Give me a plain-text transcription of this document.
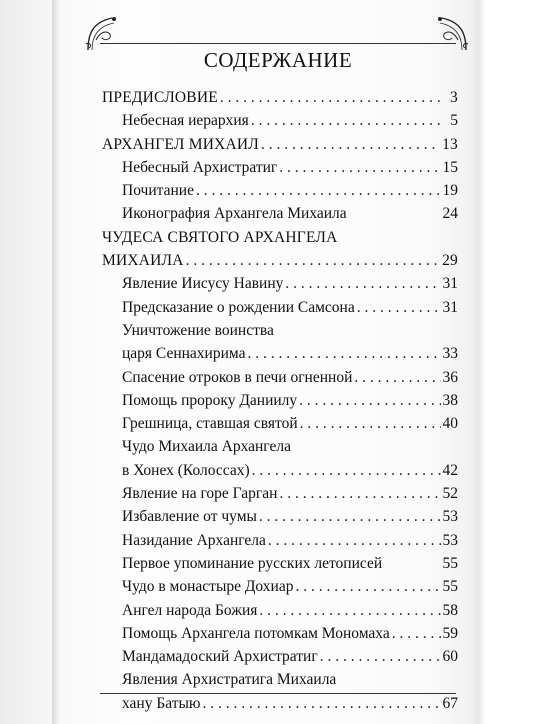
СОДЕРЖАНИЕ
ПРЕДИСЛОВИЕ . . .	3
Небесная иерархия . . .	5
АРХАНГЕЛ МИХАИЛ . . .	13
Небесный Архистратиг . . .	15
Почитание . . .	19
Иконография Архангела Михаила	24
ЧУДЕСА СВЯТОГО АРХАНГЕЛА
МИХАИЛА . . .	29
Явление Иисусу Навину . . .	31
Предсказание о рождении Самсона . . .	31
Уничтожение воинства
царя Сеннахирима . . .	33
Спасение отроков в печи огненной . . .	36
Помощь пророку Даниилу . . .	38
Грешница, ставшая святой . . .	40
Чудо Михаила Архангела
в Хонех (Колоссах) . . .	42
Явление на горе Гарган . . .	52
Избавление от чумы . . .	53
Назидание Архангела . . .	53
Первое упоминание русских летописей	55
Чудо в монастыре Дохиар . . .	55
Ангел народа Божия . . .	58
Помощь Архангела потомкам Мономаха . . .	59
Мандамадоский Архистратиг . . .	60
Явления Архистратига Михаила
хану Батыю . . .	67
